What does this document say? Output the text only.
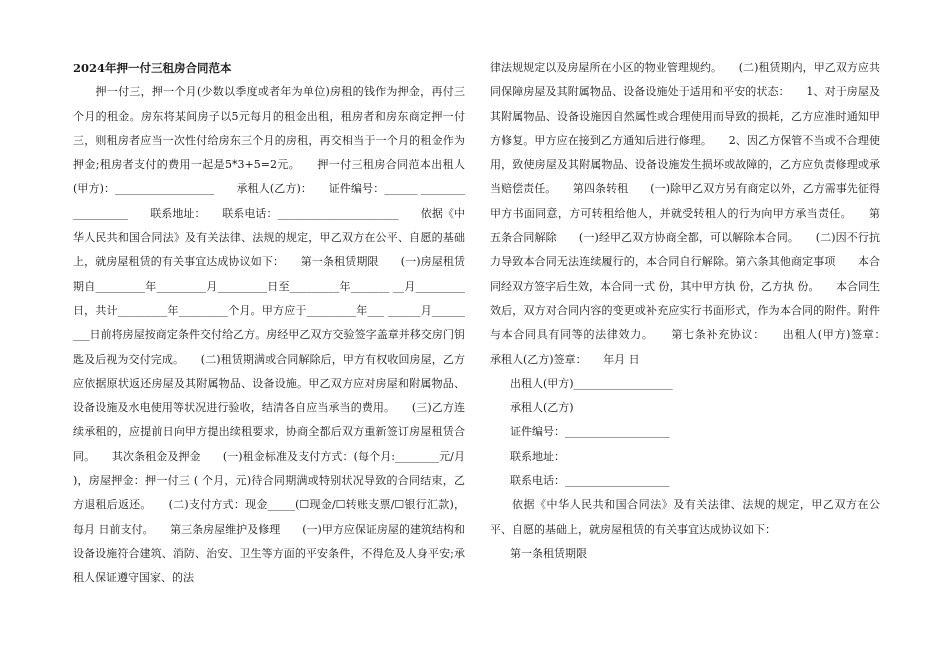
2024年押一付三租房合同范本

　　押一付三，押一个月(少数以季度或者年为单位)房租的钱作为押金，再付三个月的租金。房东将某间房子以5元每月的租金出租，租房者和房东商定押一付三，则租房者应当一次性付给房东三个月的房租，再交相当于一个月的租金作为押金;租房者支付的费用一起是5*3+5=2元。　　押一付三租房合同范本出租人(甲方)：__________________　　承租人(乙方)：　　证件编号：______ __________________　　联系地址：　　联系电话：______________________　　依据《中华人民共和国合同法》及有关法律、法规的规定，甲乙双方在公平、自愿的基础上，就房屋租赁的有关事宜达成协议如下：　　第一条租赁期限　　(一)房屋租赁期自_________年_________月_________日至_________年_______ __月_________日，共计_________年_________个月。甲方应于_________年___ ______月_________日前将房屋按商定条件交付给乙方。房经甲乙双方交验签字盖章并移交房门钥匙及后视为交付完成。　　(二)租赁期满或合同解除后，甲方有权收回房屋，乙方应依据原状返还房屋及其附属物品、设备设施。甲乙双方应对房屋和附属物品、设备设施及水电使用等状况进行验收，结清各自应当承当的费用。　　(三)乙方连续承租的，应提前日向甲方提出续租要求，协商全都后双方重新签订房屋租赁合同。　　其次条租金及押金　　(一)租金标准及支付方式：(每个月:________元/月 )，房屋押金：押一付三 ( 个月，元)待合同期满或特别状况导致的合同结束，乙方退租后返还。　　(二)支付方式：现金_____(☐现金/☐转账支票/☐银行汇款)，每月 日前支付。　　第三条房屋维护及修理　　(一)甲方应保证房屋的建筑结构和设备设施符合建筑、消防、治安、卫生等方面的平安条件，不得危及人身平安;承租人保证遵守国家、的法

律法规规定以及房屋所在小区的物业管理规约。　　(二)租赁期内，甲乙双方应共同保障房屋及其附属物品、设备设施处于适用和平安的状态：　　1、对于房屋及其附属物品、设备设施因自然属性或合理使用而导致的损耗，乙方应准时通知甲方修复。甲方应在接到乙方通知后进行修理。　　2、因乙方保管不当或不合理使用，致使房屋及其附属物品、设备设施发生损坏或故障的，乙方应负责修理或承当赔偿责任。　　第四条转租　　(一)除甲乙双方另有商定以外，乙方需事先征得甲方书面同意，方可转租给他人，并就受转租人的行为向甲方承当责任。　　第五条合同解除　　(一)经甲乙双方协商全都，可以解除本合同。　　(二)因不行抗力导致本合同无法连续履行的，本合同自行解除。第六条其他商定事项　　本合同经双方签字后生效，本合同一式 份，其中甲方执 份，乙方执 份。　　本合同生效后，双方对合同内容的变更或补充应实行书面形式，作为本合同的附件。附件与本合同具有同等的法律效力。　　第七条补充协议：　　出租人(甲方)签章：　　　承租人(乙方)签章：　　年月 日

出租人(甲方)__________________
承租人(乙方)
证件编号：___________________
联系地址：
联系电话：___________________

依据《中华人民共和国合同法》及有关法律、法规的规定，甲乙双方在公平、自愿的基础上，就房屋租赁的有关事宜达成协议如下：

第一条租赁期限
